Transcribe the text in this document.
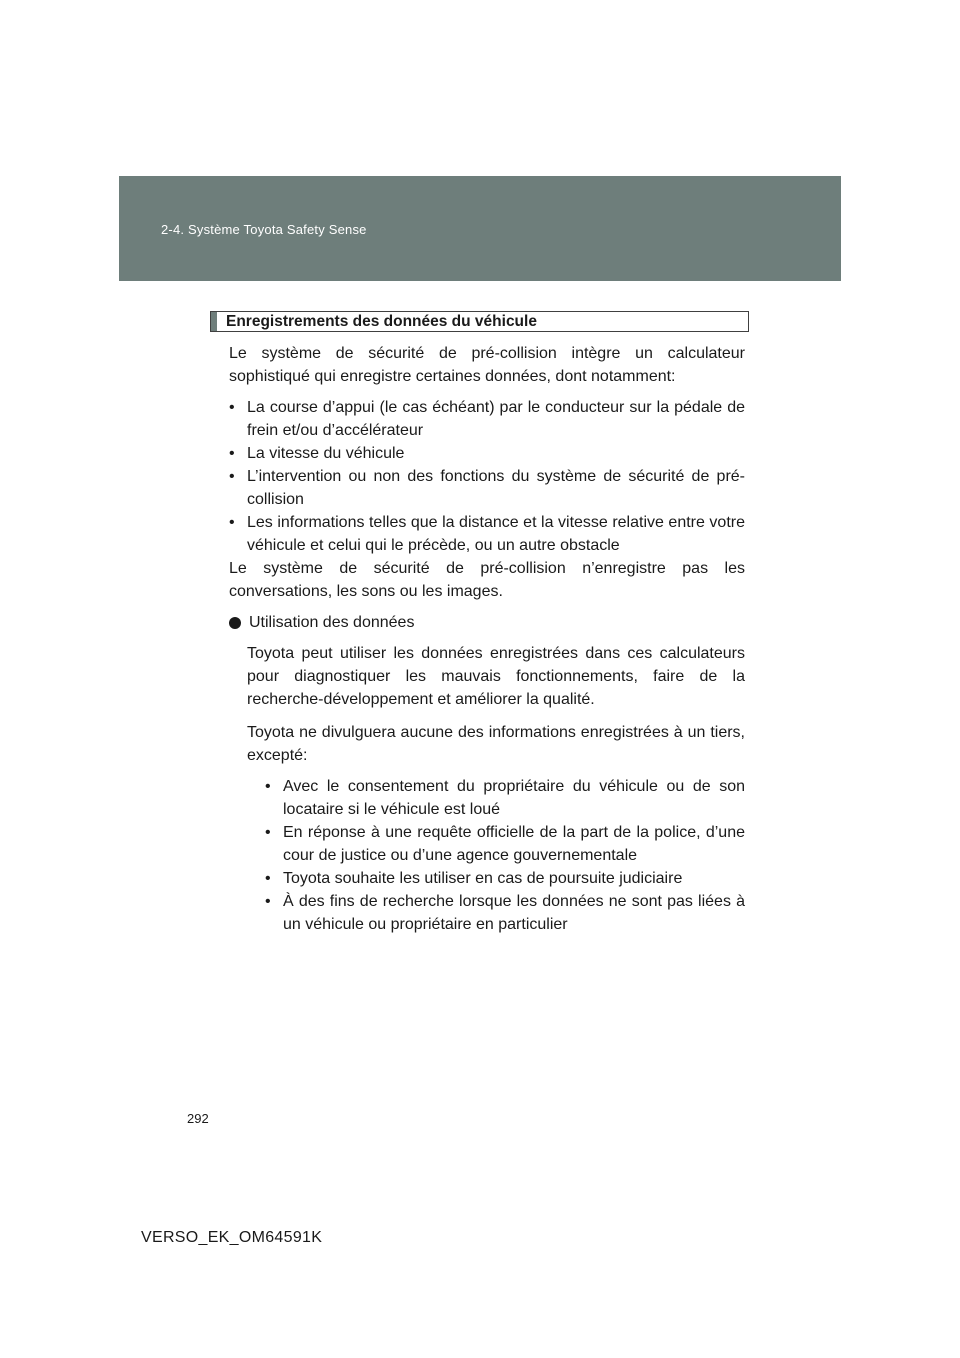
2-4. Système Toyota Safety Sense
Enregistrements des données du véhicule

Le système de sécurité de pré-collision intègre un calculateur sophistiqué qui enregistre certaines données, dont notamment:

• La course d’appui (le cas échéant) par le conducteur sur la pédale de frein et/ou d’accélérateur
• La vitesse du véhicule
• L’intervention ou non des fonctions du système de sécurité de pré-collision
• Les informations telles que la distance et la vitesse relative entre votre véhicule et celui qui le précède, ou un autre obstacle

Le système de sécurité de pré-collision n’enregistre pas les conversations, les sons ou les images.

Utilisation des données

Toyota peut utiliser les données enregistrées dans ces calculateurs pour diagnostiquer les mauvais fonctionnements, faire de la recherche-développement et améliorer la qualité.

Toyota ne divulguera aucune des informations enregistrées à un tiers, excepté:

• Avec le consentement du propriétaire du véhicule ou de son locataire si le véhicule est loué
• En réponse à une requête officielle de la part de la police, d’une cour de justice ou d’une agence gouvernementale
• Toyota souhaite les utiliser en cas de poursuite judiciaire
• À des fins de recherche lorsque les données ne sont pas liées à un véhicule ou propriétaire en particulier
292
VERSO_EK_OM64591K
